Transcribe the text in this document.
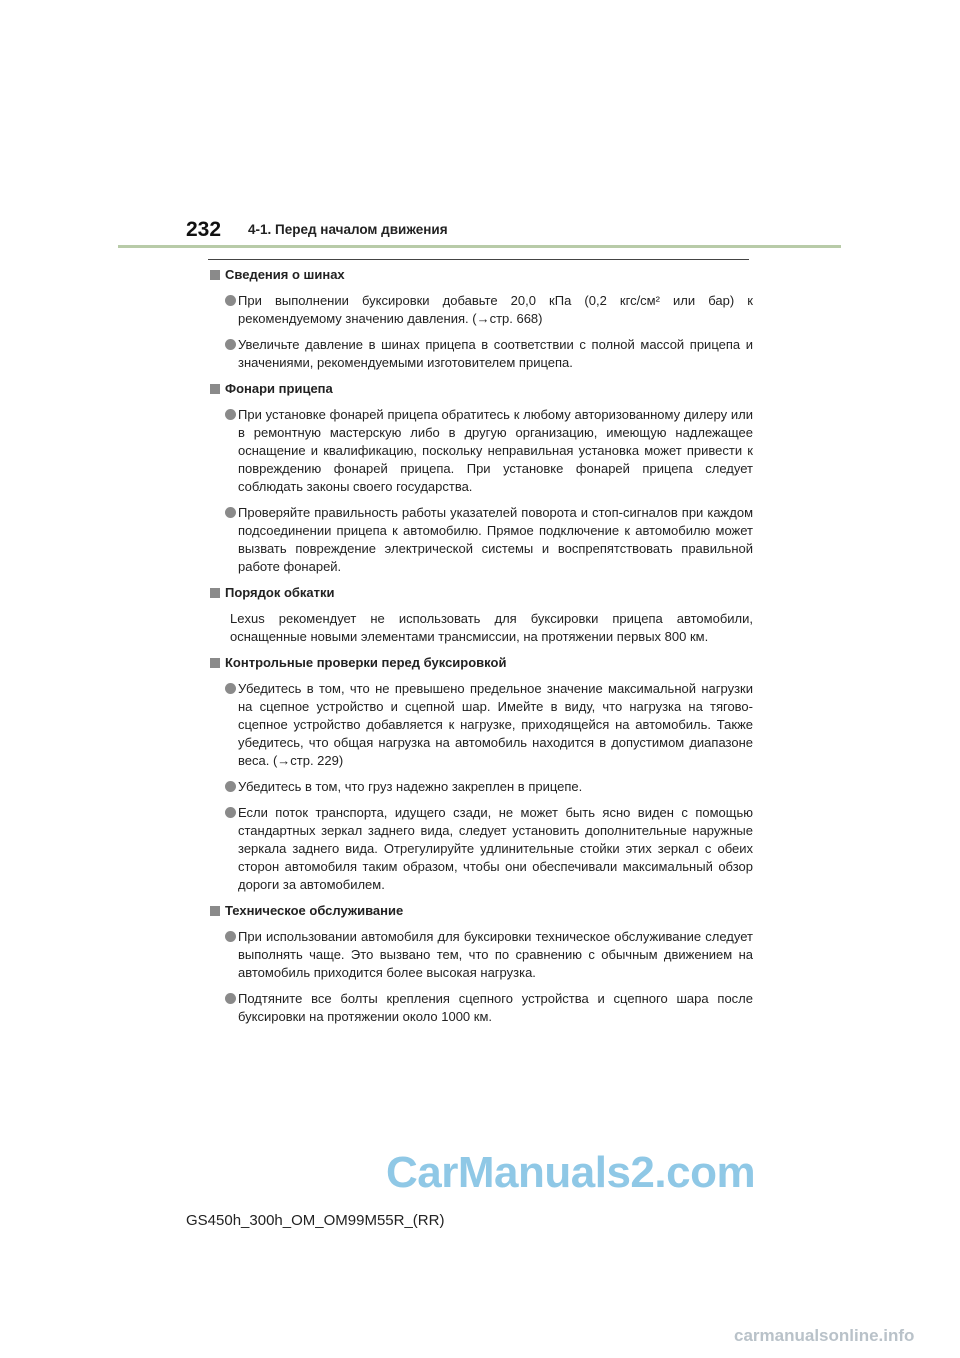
232 4-1. Перед началом движения
Сведения о шинах
При выполнении буксировки добавьте 20,0 кПа (0,2 кгс/см² или бар) к рекомендуемому значению давления. (→стр. 668)
Увеличьте давление в шинах прицепа в соответствии с полной массой прицепа и значениями, рекомендуемыми изготовителем прицепа.
Фонари прицепа
При установке фонарей прицепа обратитесь к любому авторизованному дилеру или в ремонтную мастерскую либо в другую организацию, имеющую надлежащее оснащение и квалификацию, поскольку неправильная установка может привести к повреждению фонарей прицепа. При установке фонарей прицепа следует соблюдать законы своего государства.
Проверяйте правильность работы указателей поворота и стоп-сигналов при каждом подсоединении прицепа к автомобилю. Прямое подключение к автомобилю может вызвать повреждение электрической системы и воспрепятствовать правильной работе фонарей.
Порядок обкатки
Lexus рекомендует не использовать для буксировки прицепа автомобили, оснащенные новыми элементами трансмиссии, на протяжении первых 800 км.
Контрольные проверки перед буксировкой
Убедитесь в том, что не превышено предельное значение максимальной нагрузки на сцепное устройство и сцепной шар. Имейте в виду, что нагрузка на тягово-сцепное устройство добавляется к нагрузке, приходящейся на автомобиль. Также убедитесь, что общая нагрузка на автомобиль находится в допустимом диапазоне веса. (→стр. 229)
Убедитесь в том, что груз надежно закреплен в прицепе.
Если поток транспорта, идущего сзади, не может быть ясно виден с помощью стандартных зеркал заднего вида, следует установить дополнительные наружные зеркала заднего вида. Отрегулируйте удлинительные стойки этих зеркал с обеих сторон автомобиля таким образом, чтобы они обеспечивали максимальный обзор дороги за автомобилем.
Техническое обслуживание
При использовании автомобиля для буксировки техническое обслуживание следует выполнять чаще. Это вызвано тем, что по сравнению с обычным движением на автомобиль приходится более высокая нагрузка.
Подтяните все болты крепления сцепного устройства и сцепного шара после буксировки на протяжении около 1000 км.
CarManuals2.com
GS450h_300h_OM_OM99M55R_(RR)
carmanualsonline.info
